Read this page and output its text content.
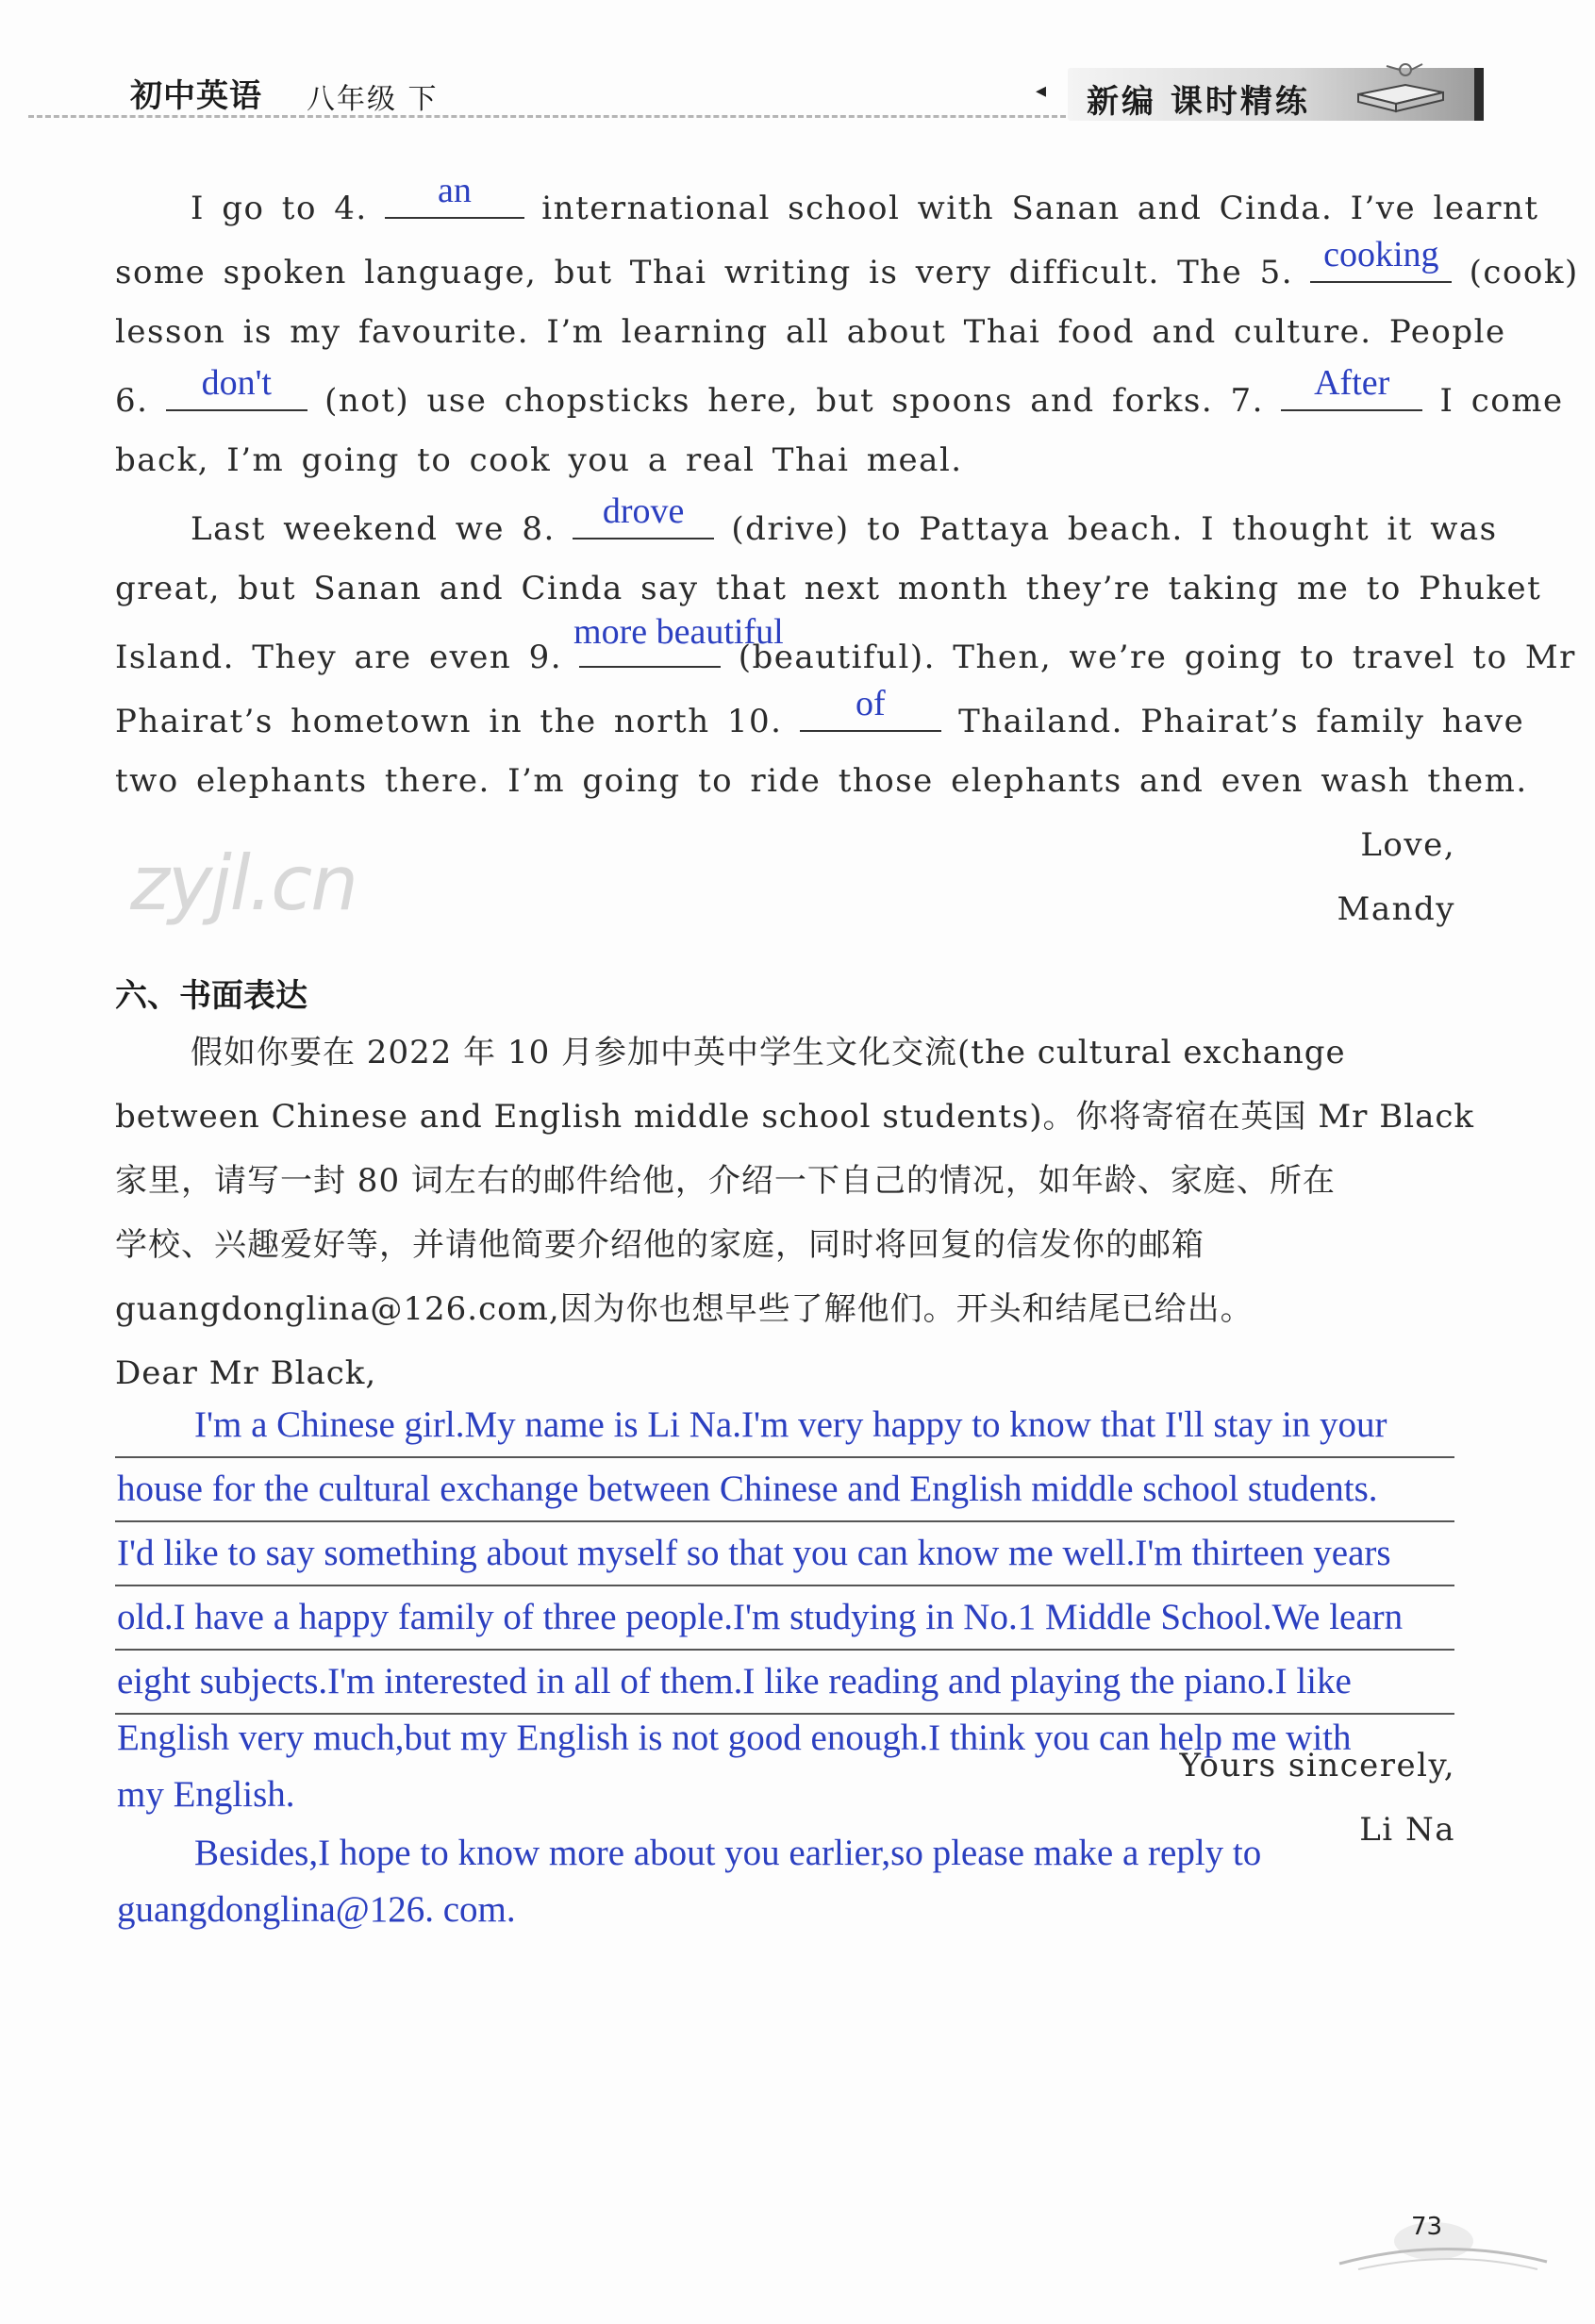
初中英语 八年级 下	◂ 新编 课时精练
I go to 4.	an	international school with Sanan and Cinda. I’ve learnt
some spoken language, but Thai writing is very difficult. The 5. cooking (cook)
lesson is my favourite. I’m learning all about Thai food and culture. People
6.	don't	(not) use chopsticks here, but spoons and forks. 7.	After	I come
back, I’m going to cook you a real Thai meal.
Last weekend we 8.	drove	(drive) to Pattaya beach. I thought it was
great, but Sanan and Cinda say that next month they’re taking me to Phuket
Island. They are even 9.
more beautiful
(beautiful). Then, we’re going to travel to Mr
Phairat’s hometown in the north 10.	of	Thailand. Phairat’s family have
two elephants there. I’m going to ride those elephants and even wash them.
Love,
Mandy
zyjl.cn
六、书面表达
假如你要在 2022 年 10 月参加中英中学生文化交流(the cultural exchange
between Chinese and English middle school students)。你将寄宿在英国 Mr Black
家里，请写一封 80 词左右的邮件给他，介绍一下自己的情况，如年龄、家庭、所在
学校、兴趣爱好等，并请他简要介绍他的家庭，同时将回复的信发你的邮箱
guangdonglina@126.com,因为你也想早些了解他们。开头和结尾已给出。
Dear Mr Black,
I'm a Chinese girl.My name is Li Na.I'm very happy to know that I'll stay in your
house for the cultural exchange between Chinese and English middle school students.
I'd like to say something about myself so that you can know me well.I'm thirteen years
old.I have a happy family of three people.I'm studying in No.1 Middle School.We learn
eight subjects.I'm interested in all of them.I like reading and playing the piano.I like
Yours sincerely,
English very much,but my English is not good enough.I think you can help me with
my English.
Li Na
Besides,I hope to know more about you earlier,so please make a reply to
guangdonglina@126. com.
73
